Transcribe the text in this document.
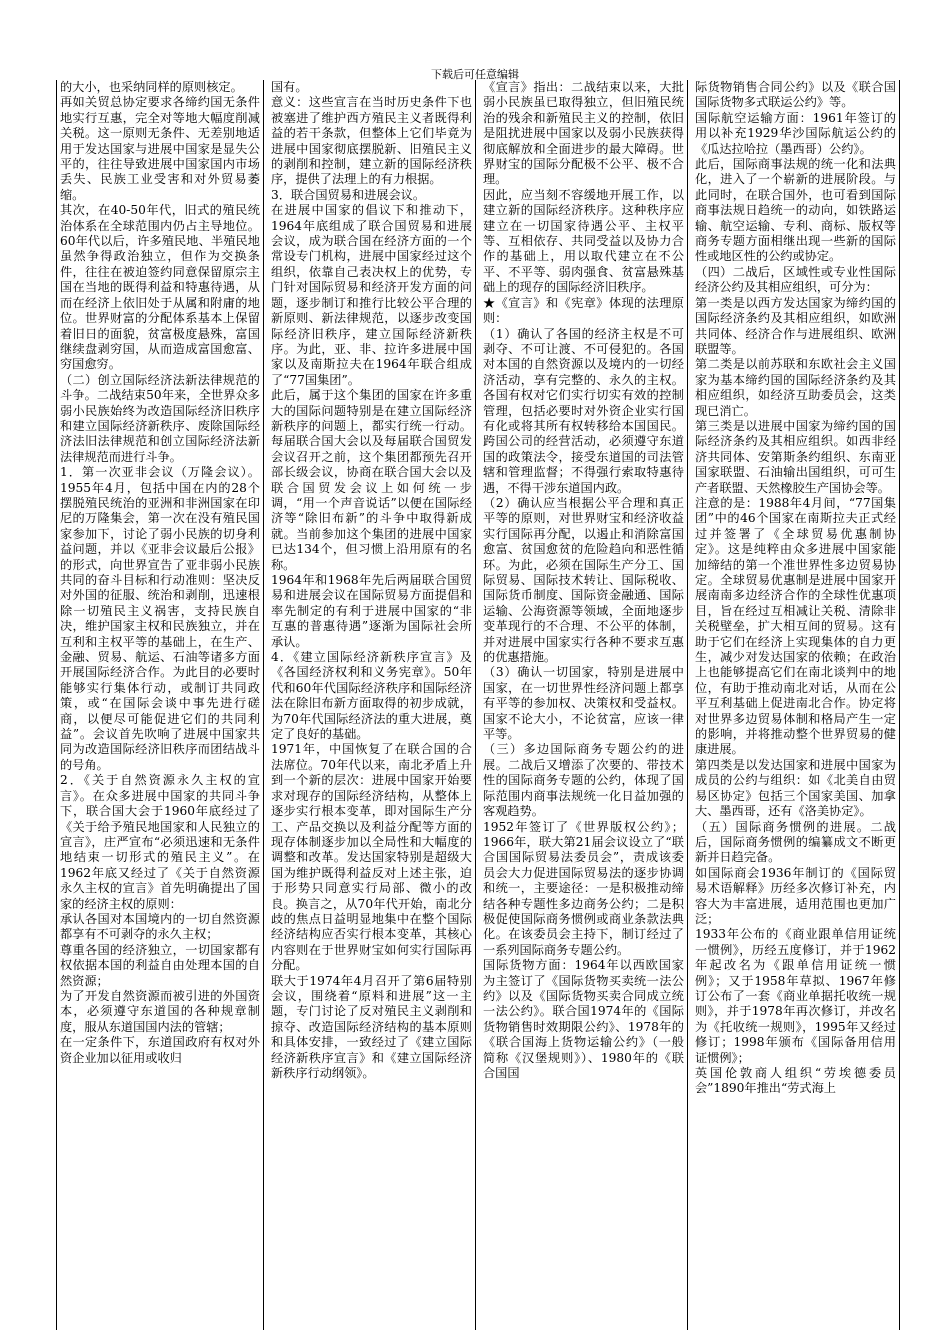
下载后可任意编辑

的大小，也采纳同样的原则核定。

再如关贸总协定要求各缔约国无条件地实行互惠，完全对等地大幅度削减关税。这一原则无条件、无差别地适用于发达国家与进展中国家是显失公平的，往往导致进展中国家国内市场丢失、民族工业受害和对外贸易萎缩。

其次，在40-50年代，旧式的殖民统治体系在全球范围内仍占主导地位。60年代以后，许多殖民地、半殖民地虽然争得政治独立，但作为交换条件，往往在被迫签约同意保留原宗主国在当地的既得利益和特惠待遇，从而在经济上依旧处于从属和附庸的地位。世界财富的分配体系基本上保留着旧日的面貌，贫富极度悬殊，富国继续盘剥穷国，从而造成富国愈富、穷国愈穷。

（二）创立国际经济法新法律规范的斗争。二战结束50年来，全世界众多弱小民族始终为改造国际经济旧秩序和建立国际经济新秩序、废除国际经济法旧法律规范和创立国际经济法新法律规范而进行斗争。

1．第一次亚非会议（万隆会议）。1955年4月，包括中国在内的28个摆脱殖民统治的亚洲和非洲国家在印尼的万隆集会，第一次在没有殖民国家参加下，讨论了弱小民族的切身利益问题，并以《亚非会议最后公报》的形式，向世界宣告了亚非弱小民族共同的奋斗目标和行动准则：坚决反对外国的征服、统治和剥削，迅速根除一切殖民主义祸害，支持民族自决，维护国家主权和民族独立，并在互利和主权平等的基础上，在生产、金融、贸易、航运、石油等诸多方面开展国际经济合作。为此目的必要时能够实行集体行动，或制订共同政策，或“在国际会谈中事先进行磋商，以便尽可能促进它们的共同利益”。会议首先吹响了进展中国家共同为改造国际经济旧秩序而团结战斗的号角。

2．《关于自然资源永久主权的宣言》。在众多进展中国家的共同斗争下，联合国大会于1960年底经过了《关于给予殖民地国家和人民独立的宣言》，庄严宣布“必须迅速和无条件地结束一切形式的殖民主义”。在1962年底又经过了《关于自然资源永久主权的宣言》首先明确提出了国家的经济主权的原则：

承认各国对本国境内的一切自然资源都享有不可剥夺的永久主权；

尊重各国的经济独立，一切国家都有权依据本国的利益自由处理本国的自然资源；

为了开发自然资源而被引进的外国资本，必须遵守东道国的各种规章制度，服从东道国国内法的管辖；

在一定条件下，东道国政府有权对外资企业加以征用或收归

国有。

意义：这些宣言在当时历史条件下也被塞进了维护西方殖民主义者既得利益的若干条款，但整体上它们毕竟为进展中国家彻底摆脱新、旧殖民主义的剥削和控制，建立新的国际经济秩序，提供了法理上的有力根据。

3．联合国贸易和进展会议。

在进展中国家的倡议下和推动下，1964年底组成了联合国贸易和进展会议，成为联合国在经济方面的一个常设专门机构，进展中国家经过这个组织，依靠自己表决权上的优势，专门针对国际贸易和经济开发方面的问题，逐步制订和推行比较公平合理的新原则、新法律规范，以逐步改变国际经济旧秩序，建立国际经济新秩序。为此，亚、非、拉许多进展中国家以及南斯拉夫在1964年联合组成了“77国集团”。

此后，属于这个集团的国家在许多重大的国际问题特别是在建立国际经济新秩序的问题上，都实行统一行动。每届联合国大会以及每届联合国贸发会议召开之前，这个集团都预先召开部长级会议，协商在联合国大会以及联合国贸发会议上如何统一步调，“用一个声音说话”以便在国际经济等“除旧布新”的斗争中取得新成就。当前参加这个集团的进展中国家已达134个，但习惯上沿用原有的名称。

1964年和1968年先后两届联合国贸易和进展会议在国际贸易方面提倡和率先制定的有利于进展中国家的“非互惠的普惠待遇”逐渐为国际社会所承认。

4．《建立国际经济新秩序宣言》及《各国经济权利和义务宪章》。50年代和60年代国际经济秩序和国际经济法在除旧布新方面取得的初步成就，为70年代国际经济法的重大进展，奠定了良好的基础。

1971年，中国恢复了在联合国的合法席位。70年代以来，南北矛盾上升到一个新的层次：进展中国家开始要求对现存的国际经济结构，从整体上逐步实行根本变革，即对国际生产分工、产品交换以及利益分配等方面的现存体制逐步加以全局性和大幅度的调整和改革。发达国家特别是超级大国为维护既得利益反对上述主张，迫于形势只同意实行局部、微小的改良。换言之，从70年代开始，南北分歧的焦点日益明显地集中在整个国际经济结构应否实行根本变革，其核心内容则在于世界财宝如何实行国际再分配。

联大于1974年4月召开了第6届特别会议，围绕着“原料和进展”这一主题，专门讨论了反对殖民主义剥削和掠夺、改造国际经济结构的基本原则和具体安排，一致经过了《建立国际经济新秩序宣言》和《建立国际经济新秩序行动纲领》。

《宣言》指出：二战结束以来，大批弱小民族虽已取得独立，但旧殖民统治的残余和新殖民主义的控制，依旧是阻扰进展中国家以及弱小民族获得彻底解放和全面进步的最大障碍。世界财宝的国际分配极不公平、极不合理。

因此，应当刻不容缓地开展工作，以建立新的国际经济秩序。这种秩序应建立在一切国家待遇公平、主权平等、互相依存、共同受益以及协力合作的基础上，用以取代建立在不公平、不平等、弱肉强食、贫富悬殊基础上的现存的国际经济旧秩序。

★《宣言》和《宪章》体现的法理原则：

（1）确认了各国的经济主权是不可剥夺、不可让渡、不可侵犯的。各国对本国的自然资源以及境内的一切经济活动，享有完整的、永久的主权。各国有权对它们实行切实有效的控制管理，包括必要时对外资企业实行国有化或将其所有权转移给本国国民。跨国公司的经营活动，必须遵守东道国的政策法令，接受东道国的司法管辖和管理监督；不得强行索取特惠待遇，不得干涉东道国内政。

（2）确认应当根据公平合理和真正平等的原则，对世界财宝和经济收益实行国际再分配，以遏止和消除富国愈富、贫国愈贫的危险趋向和恶性循环。为此，必须在国际生产分工、国际贸易、国际技术转让、国际税收、国际货币制度、国际资金融通、国际运输、公海资源等领域，全面地逐步变革现行的不合理、不公平的体制，并对进展中国家实行各种不要求互惠的优惠措施。

（3）确认一切国家，特别是进展中国家，在一切世界性经济问题上都享有平等的参加权、决策权和受益权。国家不论大小，不论贫富，应该一律平等。

（三）多边国际商务专题公约的进展。二战后又增添了次要的、带技术性的国际商务专题的公约，体现了国际范围内商事法规统一化日益加强的客观趋势。

1952年签订了《世界版权公约》；1966年，联大第21届会议设立了“联合国国际贸易法委员会”，责成该委员会大力促进国际贸易法的逐步协调和统一，主要途径：一是积极推动缔结各种专题性多边商务公约；二是积极促使国际商务惯例或商业条款法典化。在该委员会主持下，制订经过了一系列国际商务专题公约。

国际货物方面：1964年以西欧国家为主签订了《国际货物买卖统一法公约》以及《国际货物买卖合同成立统一法公约》。联合国1974年的《国际货物销售时效期限公约》、1978年的《联合国海上货物运输公约》（一般简称《汉堡规则》）、1980年的《联合国国

际货物销售合同公约》以及《联合国国际货物多式联运公约》等。

国际航空运输方面：1961年签订的用以补充1929华沙国际航运公约的《瓜达拉哈拉（墨西哥）公约》。

此后，国际商事法规的统一化和法典化，进入了一个崭新的进展阶段。与此同时，在联合国外，也可看到国际商事法规日趋统一的动向，如铁路运输、航空运输、专利、商标、版权等商务专题方面相继出现一些新的国际性或地区性的公约或协定。

（四）二战后，区域性或专业性国际经济公约及其相应组织，可分为：

第一类是以西方发达国家为缔约国的国际经济条约及其相应组织，如欧洲共同体、经济合作与进展组织、欧洲联盟等。

第二类是以前苏联和东欧社会主义国家为基本缔约国的国际经济条约及其相应组织，如经济互助委员会，这类现已消亡。

第三类是以进展中国家为缔约国的国际经济条约及其相应组织。如西非经济共同体、安第斯条约组织、东南亚国家联盟、石油输出国组织，可可生产者联盟、天然橡胶生产国协会等。

注意的是：1988年4月间，“77国集团”中的46个国家在南斯拉夫正式经过并签署了《全球贸易优惠制协定》。这是纯粹由众多进展中国家能加缔结的第一个准世界性多边贸易协定。全球贸易优惠制是进展中国家开展南南多边经济合作的全球性优惠项目，旨在经过互相减让关税、清除非关税壁垒，扩大相互间的贸易。这有助于它们在经济上实现集体的自力更生，减少对发达国家的依赖；在政治上也能够提高它们在南北谈判中的地位，有助于推动南北对话，从而在公平互利基础上促进南北合作。协定将对世界多边贸易体制和格局产生一定的影响，并将推动整个世界贸易的健康进展。

第四类是以发达国家和进展中国家为成员的公约与组织：如《北美自由贸易区协定》包括三个国家美国、加拿大、墨西哥，还有《洛美协定》。

（五）国际商务惯例的进展。二战后，国际商务惯例的编纂成文不断更新并日趋完备。

如国际商会1936年制订的《国际贸易术语解释》历经多次修订补充，内容大为丰富进展，适用范围也更加广泛；

1933年公布的《商业跟单信用证统一惯例》，历经五度修订，并于1962年起改名为《跟单信用证统一惯例》；又于1958年草拟、1967年修订公布了一套《商业单据托收统一规则》，并于1978年再次修订，并改名为《托收统一规则》，1995年又经过修订；1998年颁布《国际备用信用证惯例》；

英国伦敦商人组织“劳埃德委员会”1890年推出“劳式海上
